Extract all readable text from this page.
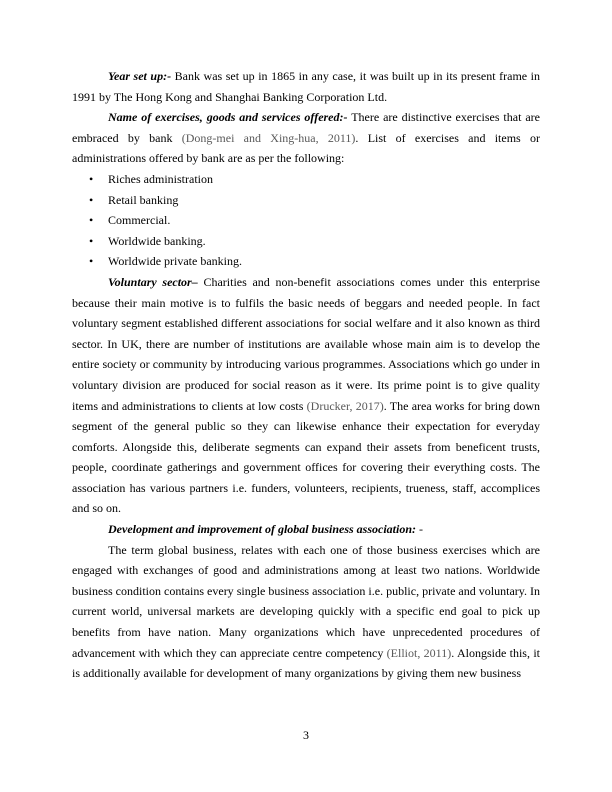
Year set up:- Bank was set up in 1865 in any case, it was built up in its present frame in 1991 by The Hong Kong and Shanghai Banking Corporation Ltd.

Name of exercises, goods and services offered:- There are distinctive exercises that are embraced by bank (Dong-mei and Xing-hua, 2011). List of exercises and items or administrations offered by bank are as per the following:

• Riches administration
• Retail banking
• Commercial.
• Worldwide banking.
• Worldwide private banking.

Voluntary sector– Charities and non-benefit associations comes under this enterprise because their main motive is to fulfils the basic needs of beggars and needed people. In fact voluntary segment established different associations for social welfare and it also known as third sector. In UK, there are number of institutions are available whose main aim is to develop the entire society or community by introducing various programmes. Associations which go under in voluntary division are produced for social reason as it were. Its prime point is to give quality items and administrations to clients at low costs (Drucker, 2017). The area works for bring down segment of the general public so they can likewise enhance their expectation for everyday comforts. Alongside this, deliberate segments can expand their assets from beneficent trusts, people, coordinate gatherings and government offices for covering their everything costs. The association has various partners i.e. funders, volunteers, recipients, trueness, staff, accomplices and so on.

Development and improvement of global business association: -

The term global business, relates with each one of those business exercises which are engaged with exchanges of good and administrations among at least two nations. Worldwide business condition contains every single business association i.e. public, private and voluntary. In current world, universal markets are developing quickly with a specific end goal to pick up benefits from have nation. Many organizations which have unprecedented procedures of advancement with which they can appreciate centre competency (Elliot, 2011). Alongside this, it is additionally available for development of many organizations by giving them new business

3
